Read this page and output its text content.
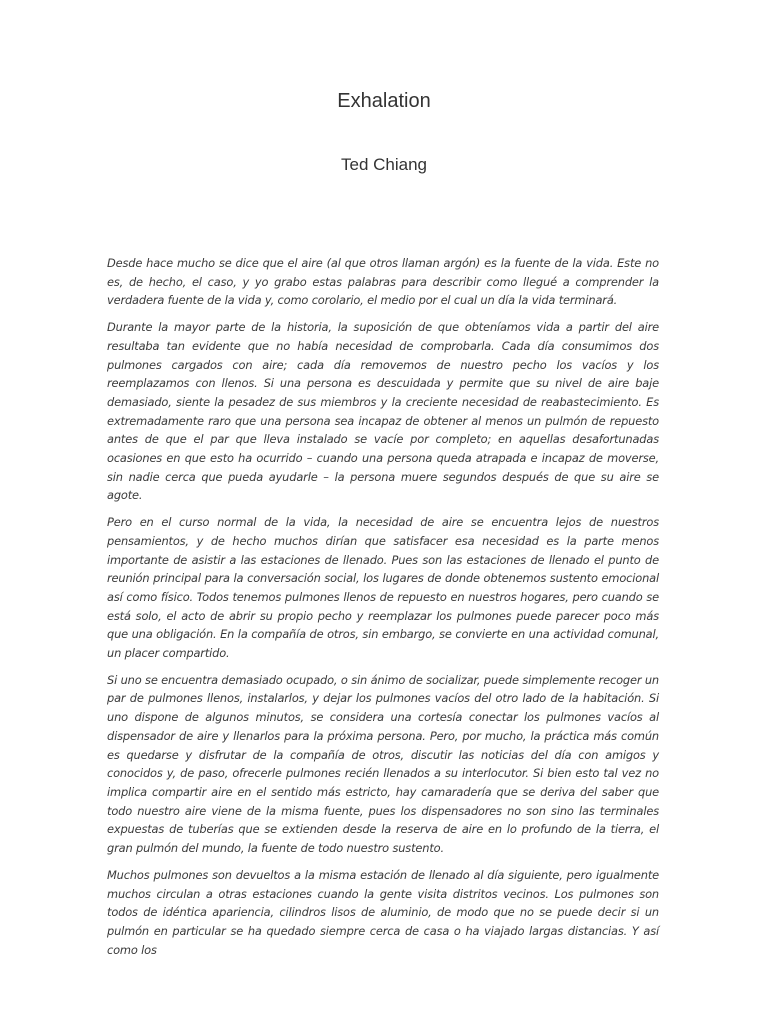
Exhalation
Ted Chiang

Desde hace mucho se dice que el aire (al que otros llaman argón) es la fuente de la vida. Este no es, de hecho, el caso, y yo grabo estas palabras para describir como llegué a comprender la verdadera fuente de la vida y, como corolario, el medio por el cual un día la vida terminará.

Durante la mayor parte de la historia, la suposición de que obteníamos vida a partir del aire resultaba tan evidente que no había necesidad de comprobarla. Cada día consumimos dos pulmones cargados con aire; cada día removemos de nuestro pecho los vacíos y los reemplazamos con llenos. Si una persona es descuidada y permite que su nivel de aire baje demasiado, siente la pesadez de sus miembros y la creciente necesidad de reabastecimiento. Es extremadamente raro que una persona sea incapaz de obtener al menos un pulmón de repuesto antes de que el par que lleva instalado se vacíe por completo; en aquellas desafortunadas ocasiones en que esto ha ocurrido – cuando una persona queda atrapada e incapaz de moverse, sin nadie cerca que pueda ayudarle – la persona muere segundos después de que su aire se agote.

Pero en el curso normal de la vida, la necesidad de aire se encuentra lejos de nuestros pensamientos, y de hecho muchos dirían que satisfacer esa necesidad es la parte menos importante de asistir a las estaciones de llenado. Pues son las estaciones de llenado el punto de reunión principal para la conversación social, los lugares de donde obtenemos sustento emocional así como físico. Todos tenemos pulmones llenos de repuesto en nuestros hogares, pero cuando se está solo, el acto de abrir su propio pecho y reemplazar los pulmones puede parecer poco más que una obligación. En la compañía de otros, sin embargo, se convierte en una actividad comunal, un placer compartido.

Si uno se encuentra demasiado ocupado, o sin ánimo de socializar, puede simplemente recoger un par de pulmones llenos, instalarlos, y dejar los pulmones vacíos del otro lado de la habitación. Si uno dispone de algunos minutos, se considera una cortesía conectar los pulmones vacíos al dispensador de aire y llenarlos para la próxima persona. Pero, por mucho, la práctica más común es quedarse y disfrutar de la compañía de otros, discutir las noticias del día con amigos y conocidos y, de paso, ofrecerle pulmones recién llenados a su interlocutor. Si bien esto tal vez no implica compartir aire en el sentido más estricto, hay camaradería que se deriva del saber que todo nuestro aire viene de la misma fuente, pues los dispensadores no son sino las terminales expuestas de tuberías que se extienden desde la reserva de aire en lo profundo de la tierra, el gran pulmón del mundo, la fuente de todo nuestro sustento.

Muchos pulmones son devueltos a la misma estación de llenado al día siguiente, pero igualmente muchos circulan a otras estaciones cuando la gente visita distritos vecinos. Los pulmones son todos de idéntica apariencia, cilindros lisos de aluminio, de modo que no se puede decir si un pulmón en particular se ha quedado siempre cerca de casa o ha viajado largas distancias. Y así como los
